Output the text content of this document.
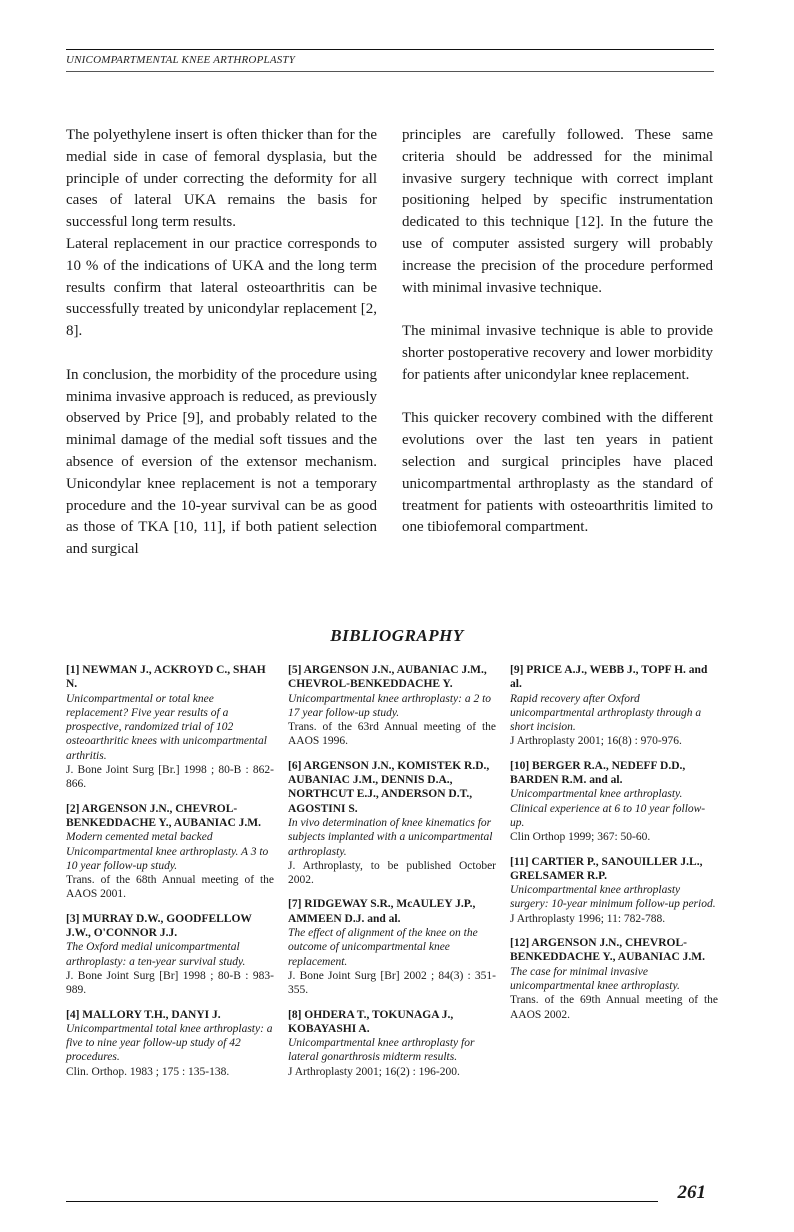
UNICOMPARTMENTAL KNEE ARTHROPLASTY

The polyethylene insert is often thicker than for the medial side in case of femoral dysplasia, but the principle of under correcting the deformity for all cases of lateral UKA remains the basis for successful long term results.

Lateral replacement in our practice corresponds to 10 % of the indications of UKA and the long term results confirm that lateral osteoarthritis can be successfully treated by unicondylar replacement [2, 8].

In conclusion, the morbidity of the procedure using minima invasive approach is reduced, as previously observed by Price [9], and probably related to the minimal damage of the medial soft tissues and the absence of eversion of the extensor mechanism. Unicondylar knee replacement is not a temporary procedure and the 10-year survival can be as good as those of TKA [10, 11], if both patient selection and surgical

principles are carefully followed. These same criteria should be addressed for the minimal invasive surgery technique with correct implant positioning helped by specific instrumentation dedicated to this technique [12]. In the future the use of computer assisted surgery will probably increase the precision of the procedure performed with minimal invasive technique.

The minimal invasive technique is able to provide shorter postoperative recovery and lower morbidity for patients after unicondylar knee replacement.

This quicker recovery combined with the different evolutions over the last ten years in patient selection and surgical principles have placed unicompartmental arthroplasty as the standard of treatment for patients with osteoarthritis limited to one tibiofemoral compartment.

BIBLIOGRAPHY
[1] NEWMAN J., ACKROYD C., SHAH N.
Unicompartmental or total knee replacement? Five year results of a prospective, randomized trial of 102 osteoarthritic knees with unicompartmental arthritis.
J. Bone Joint Surg [Br.] 1998 ; 80-B : 862-866.
[2] ARGENSON J.N., CHEVROL-BENKEDDACHE Y., AUBANIAC J.M.
Modern cemented metal backed Unicompartmental knee arthroplasty. A 3 to 10 year follow-up study.
Trans. of the 68th Annual meeting of the AAOS 2001.
[3] MURRAY D.W., GOODFELLOW J.W., O'CONNOR J.J.
The Oxford medial unicompartmental arthroplasty: a ten-year survival study.
J. Bone Joint Surg [Br] 1998 ; 80-B : 983-989.
[4] MALLORY T.H., DANYI J.
Unicompartmental total knee arthroplasty: a five to nine year follow-up study of 42 procedures.
Clin. Orthop. 1983 ; 175 : 135-138.
[5] ARGENSON J.N., AUBANIAC J.M., CHEVROL-BENKEDDACHE Y.
Unicompartmental knee arthroplasty: a 2 to 17 year follow-up study.
Trans. of the 63rd Annual meeting of the AAOS 1996.
[6] ARGENSON J.N., KOMISTEK R.D., AUBANIAC J.M., DENNIS D.A., NORTHCUT E.J., ANDERSON D.T., AGOSTINI S.
In vivo determination of knee kinematics for subjects implanted with a unicompartmental arthroplasty.
J. Arthroplasty, to be published October 2002.
[7] RIDGEWAY S.R., McAULEY J.P., AMMEEN D.J. and al.
The effect of alignment of the knee on the outcome of unicompartmental knee replacement.
J. Bone Joint Surg [Br] 2002 ; 84(3) : 351-355.
[8] OHDERA T., TOKUNAGA J., KOBAYASHI A.
Unicompartmental knee arthroplasty for lateral gonarthrosis midterm results.
J Arthroplasty 2001; 16(2) : 196-200.
[9] PRICE A.J., WEBB J., TOPF H. and al.
Rapid recovery after Oxford unicompartmental arthroplasty through a short incision.
J Arthroplasty 2001; 16(8) : 970-976.
[10] BERGER R.A., NEDEFF D.D., BARDEN R.M. and al.
Unicompartmental knee arthroplasty. Clinical experience at 6 to 10 year follow-up.
Clin Orthop 1999; 367: 50-60.
[11] CARTIER P., SANOUILLER J.L., GRELSAMER R.P.
Unicompartmental knee arthroplasty surgery: 10-year minimum follow-up period.
J Arthroplasty 1996; 11: 782-788.
[12] ARGENSON J.N., CHEVROL-BENKEDDACHE Y., AUBANIAC J.M.
The case for minimal invasive unicompartmental knee arthroplasty.
Trans. of the 69th Annual meeting of the AAOS 2002.
261
